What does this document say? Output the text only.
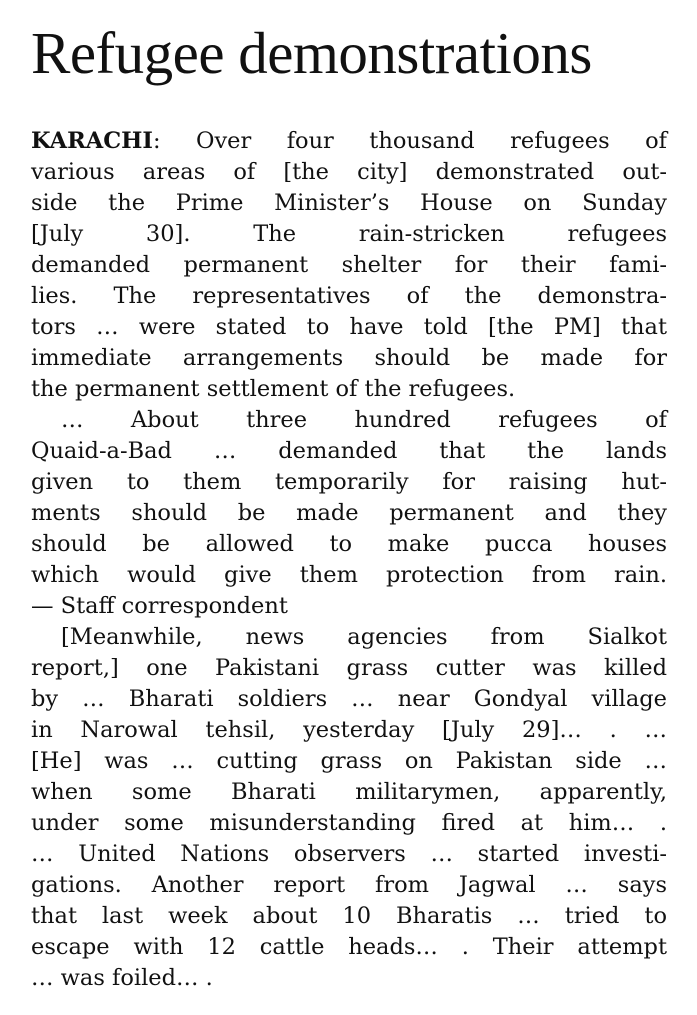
Refugee demonstrations
KARACHI: Over four thousand refugees of
various areas of [the city] demonstrated out-
side the Prime Minister’s House on Sunday
[July 30]. The rain-stricken refugees
demanded permanent shelter for their fami-
lies. The representatives of the demonstra-
tors … were stated to have told [the PM] that
immediate arrangements should be made for
the permanent settlement of the refugees.
… About three hundred refugees of
Quaid-a-Bad … demanded that the lands
given to them temporarily for raising hut-
ments should be made permanent and they
should be allowed to make pucca houses
which would give them protection from rain.
— Staff correspondent
[Meanwhile, news agencies from Sialkot
report,] one Pakistani grass cutter was killed
by … Bharati soldiers … near Gondyal village
in Narowal tehsil, yesterday [July 29]… . …
[He] was … cutting grass on Pakistan side …
when some Bharati militarymen, apparently,
under some misunderstanding fired at him… .
… United Nations observers … started investi-
gations. Another report from Jagwal … says
that last week about 10 Bharatis … tried to
escape with 12 cattle heads… . Their attempt
… was foiled… .
